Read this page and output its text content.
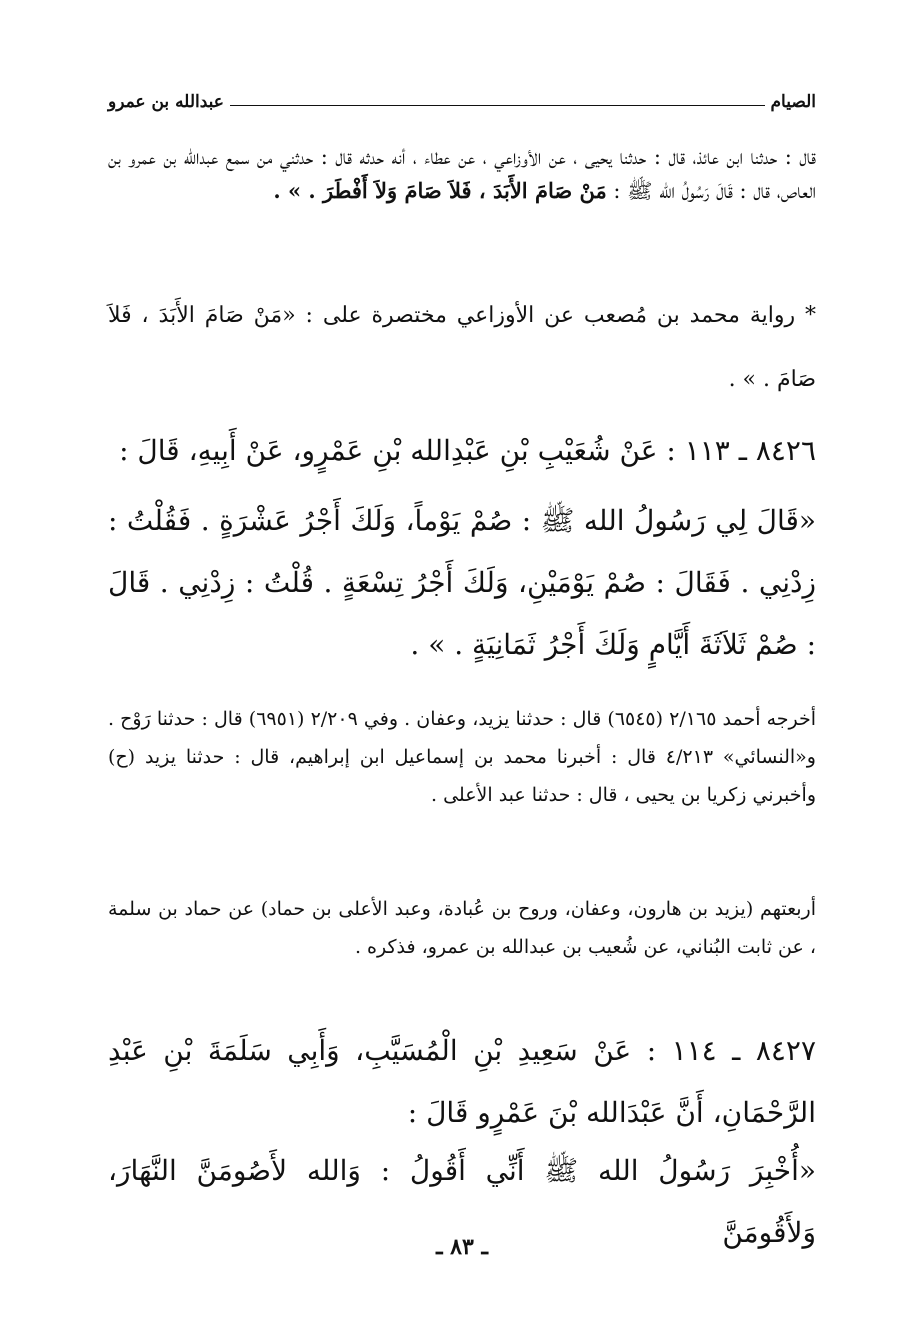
الصيام
عبدالله بن عمرو
قال : حدثنا ابن عائذ، قال : حدثنا يحيى ، عن الأوزاعي ، عن عطاء ، أنه حدثه قال : حدثني من سمع عبدالله بن عمرو بن العاص، قال : قَالَ رَسُولُ الله ﷺ : مَنْ صَامَ الأَبَدَ ، فَلاَ صَامَ وَلاَ أَفْطَرَ . » .
* رواية محمد بن مُصعب عن الأوزاعي مختصرة على : «مَنْ صَامَ الأَبَدَ ، فَلاَ صَامَ . » .
٨٤٢٦ ـ ١١٣ : عَنْ شُعَيْبِ بْنِ عَبْدِالله بْنِ عَمْرٍو، عَنْ أَبِيهِ، قَالَ :
«قَالَ لِي رَسُولُ الله ﷺ : صُمْ يَوْماً، وَلَكَ أَجْرُ عَشْرَةٍ . فَقُلْتُ : زِدْنِي . فَقَالَ : صُمْ يَوْمَيْنِ، وَلَكَ أَجْرُ تِسْعَةٍ . قُلْتُ : زِدْنِي . قَالَ : صُمْ ثَلاَثَةَ أَيَّامٍ وَلَكَ أَجْرُ ثَمَانِيَةٍ . » .
أخرجه أحمد ٢/١٦٥ (٦٥٤٥) قال : حدثنا يزيد، وعفان . وفي ٢/٢٠٩ (٦٩٥١) قال : حدثنا رَوْح . و«النسائي» ٤/٢١٣ قال : أخبرنا محمد بن إسماعيل ابن إبراهيم، قال : حدثنا يزيد (ح) وأخبرني زكريا بن يحيى ، قال : حدثنا عبد الأعلى .
أربعتهم (يزيد بن هارون، وعفان، وروح بن عُبادة، وعبد الأعلى بن حماد) عن حماد بن سلمة ، عن ثابت البُناني، عن شُعيب بن عبدالله بن عمرو، فذكره .
٨٤٢٧ ـ ١١٤ : عَنْ سَعِيدِ بْنِ الْمُسَيَّبِ، وَأَبِي سَلَمَةَ بْنِ عَبْدِ الرَّحْمَانِ، أَنَّ عَبْدَالله بْنَ عَمْرٍو قَالَ :
«أُخْبِرَ رَسُولُ الله ﷺ أَنِّي أَقُولُ : وَالله لأَصُومَنَّ النَّهَارَ، وَلأَقُومَنَّ
ـ ٨٣ ـ
